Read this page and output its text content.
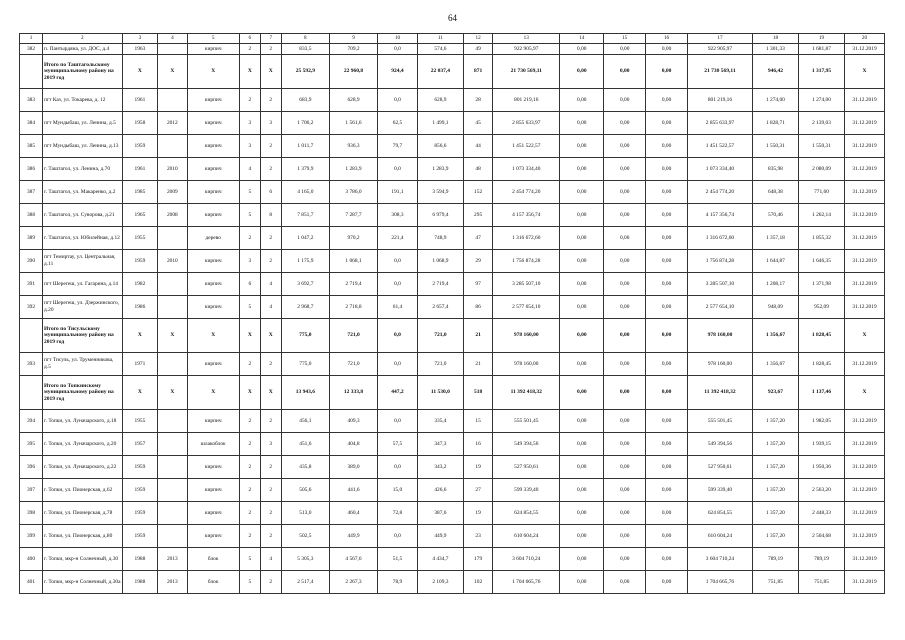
64
1	2	3	4	5	6	7	8	9	10	11	12	13	14	15	16	17	18	19	20
382	п. Пантырдяна, ул. ДОС, д.4	1963		кирпич	2	2	833,5	709,2	0,0	574,6	49	922 905,97	0,00	0,00	0,00	922 905,97	1 301,33	1 681,87	31.12.2019
	Итого по Таштагольскому муниципальному району на 2019 год	X	X	X	X	X	25 592,9	22 960,8	924,4	22 037,4	871	21 730 569,11	0,00	0,00	0,00	21 730 569,11	946,42	1 317,95	X
383	пгт Каз, ул. Токарева, д. 12	1961		кирпич	2	2	683,9	628,9	0,0	628,9	28	801 219,16	0,00	0,00	0,00	801 219,16	1 274,00	1 274,00	31.12.2019
384	пгт Мундыбаш, ул. Ленина, д.5	1958	2012	кирпич	3	3	1 706,2	1 561,6	62,5	1 499,1	45	2 855 633,97	0,00	0,00	0,00	2 855 633,97	1 828,71	2 139,03	31.12.2019
385	пгт Мундыбаш, ул. Ленина, д.13	1959		кирпич	3	2	1 011,7	936,3	79,7	856,6	44	1 451 522,57	0,00	0,00	0,00	1 451 522,57	1 550,31	1 550,31	31.12.2019
386	г. Таштагол, ул. Ленина, д.70	1961	2010	кирпич	4	2	1 379,9	1 283,9	0,0	1 283,9	48	1 073 334,40	0,00	0,00	0,00	1 073 334,40	835,98	2 080,09	31.12.2019
387	г. Таштагол, ул. Макаренко, д.2	1985	2009	кирпич	5	6	4 165,0	3 786,0	191,1	3 594,9	152	2 454 774,20	0,00	0,00	0,00	2 454 774,20	648,38	771,60	31.12.2019
388	г. Таштагол, ул. Суворова, д.21	1965	2008	кирпич	5	8	7 851,7	7 287,7	308,3	6 979,4	295	4 157 356,74	0,00	0,00	0,00	4 157 356,74	570,46	1 262,14	31.12.2019
389	г. Таштагол, ул. Юбилейная, д.12	1955		дерево	2	2	1 047,2	970,2	221,4	748,9	47	1 316 672,60	0,00	0,00	0,00	1 316 672,60	1 357,18	1 855,32	31.12.2019
390	пгт Темиртау, ул. Центральная, д.11	1959	2010	кирпич	3	2	1 175,9	1 068,1	0,0	1 068,9	29	1 756 874,28	0,00	0,00	0,00	1 756 874,28	1 644,87	1 646,35	31.12.2019
391	пгт Шерегеш, ул. Гагарина, д.14	1982		кирпич	6	4	3 692,7	2 719,4	0,0	2 719,4	97	3 285 507,10	0,00	0,00	0,00	3 285 507,10	1 208,17	1 371,98	31.12.2019
392	пгт Шерегеш, ул. Дзержинского, д.20	1986		кирпич	5	4	2 968,7	2 718,8	61,4	2 657,4	86	2 577 654,10	0,00	0,00	0,00	2 577 654,10	948,09	952,09	31.12.2019
	Итого по Тисульскому муниципальному району на 2019 год	X	X	X	X	X	775,0	721,0	0,0	721,0	21	978 160,00	0,00	0,00	0,00	978 160,00	1 356,67	1 828,45	X
393	пгт Тисуль, ул. Труменникова, д.5	1971		кирпич	2	2	775,0	721,0	0,0	721,0	21	978 160,00	0,00	0,00	0,00	978 160,00	1 356,67	1 828,45	31.12.2019
	Итого по Топкинскому муниципальному району на 2019 год	X	X	X	X	X	13 943,6	12 333,8	447,2	11 530,0	518	11 392 418,32	0,00	0,00	0,00	11 392 418,32	923,67	1 137,46	X
394	г. Топки, ул. Луначарского, д.18	1955		кирпич	2	2	456,1	409,3	0,0	335,4	15	555 501,45	0,00	0,00	0,00	555 501,45	1 357,20	1 982,05	31.12.2019
395	г. Топки, ул. Луначарского, д.20	1957		шлакоблок	2	3	451,6	404,8	57,5	347,3	16	549 394,56	0,00	0,00	0,00	549 394,56	1 357,20	1 939,15	31.12.2019
396	г. Топки, ул. Луначарского, д.22	1959		кирпич	2	2	435,8	389,0	0,0	343,2	19	527 950,61	0,00	0,00	0,00	527 950,61	1 357,20	1 950,36	31.12.2019
397	г. Топки, ул. Пионерская, д.62	1959		кирпич	2	2	505,6	441,6	15,0	426,6	27	599 339,40	0,00	0,00	0,00	599 339,40	1 357,20	2 563,20	31.12.2019
398	г. Топки, ул. Пионерская, д.78	1959		кирпич	2	2	513,0	460,4	72,8	387,6	19	624 854,55	0,00	0,00	0,00	624 854,55	1 357,20	2 448,33	31.12.2019
399	г. Топки, ул. Пионерская, д.80	1959		кирпич	2	2	502,5	449,9	0,0	449,9	23	610 604,24	0,00	0,00	0,00	610 604,24	1 357,20	2 504,68	31.12.2019
400	г. Топки, мкр-н Солнечный, д.30	1988	2013	блок	5	4	5 305,3	4 567,6	51,5	4 434,7	179	3 604 710,24	0,00	0,00	0,00	3 604 710,24	789,19	789,19	31.12.2019
401	г. Топки, мкр-н Солнечный, д.30а	1988	2013	блок	5	2	2 517,4	2 267,3	78,9	2 109,3	102	1 704 665,76	0,00	0,00	0,00	1 704 665,76	751,85	751,85	31.12.2019
